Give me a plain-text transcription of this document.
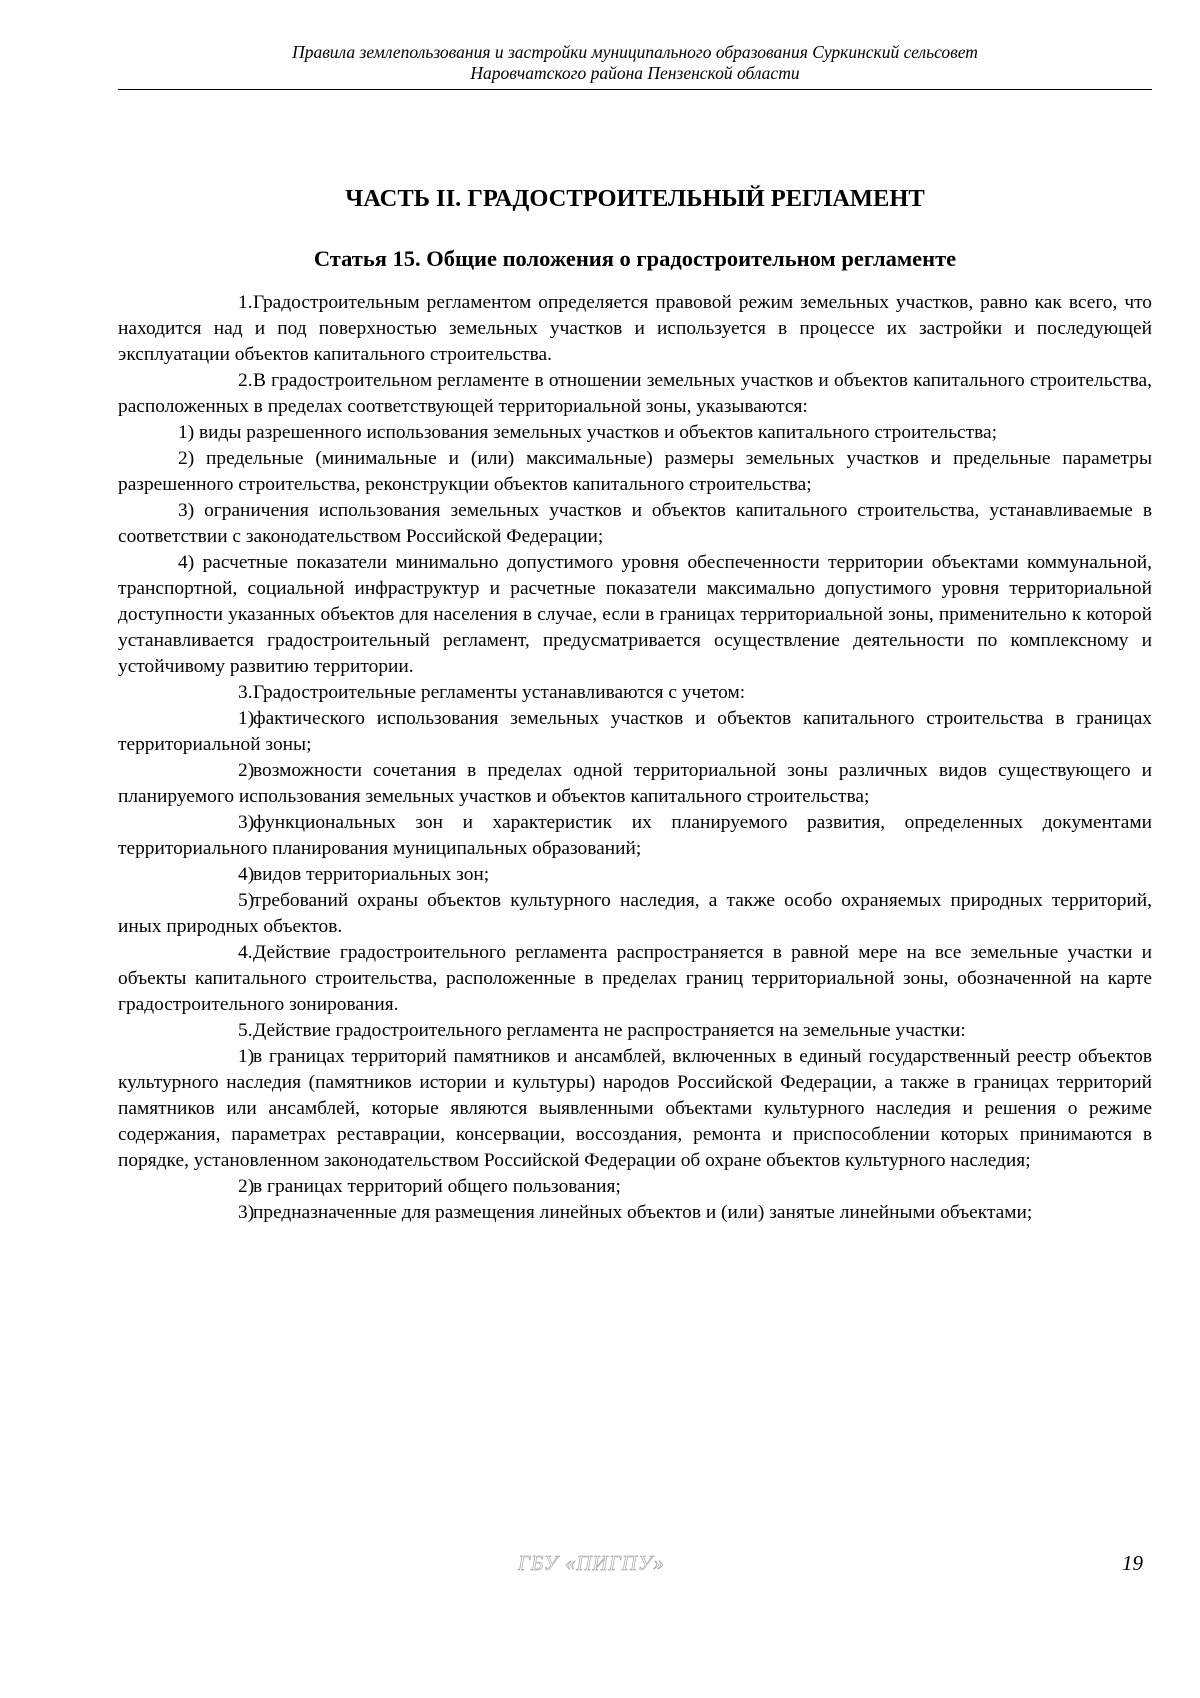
Правила землепользования и застройки муниципального образования Суркинский сельсовет
Наровчатского района Пензенской области
ЧАСТЬ II. ГРАДОСТРОИТЕЛЬНЫЙ РЕГЛАМЕНТ
Статья 15. Общие положения о градостроительном регламенте

1.Градостроительным регламентом определяется правовой режим земельных участков, равно как всего, что находится над и под поверхностью земельных участков и используется в процессе их застройки и последующей эксплуатации объектов капитального строительства.

2.В градостроительном регламенте в отношении земельных участков и объектов капитального строительства, расположенных в пределах соответствующей территориальной зоны, указываются:

1) виды разрешенного использования земельных участков и объектов капитального строительства;

2) предельные (минимальные и (или) максимальные) размеры земельных участков и предельные параметры разрешенного строительства, реконструкции объектов капитального строительства;

3) ограничения использования земельных участков и объектов капитального строительства, устанавливаемые в соответствии с законодательством Российской Федерации;

4) расчетные показатели минимально допустимого уровня обеспеченности территории объектами коммунальной, транспортной, социальной инфраструктур и расчетные показатели максимально допустимого уровня территориальной доступности указанных объектов для населения в случае, если в границах территориальной зоны, применительно к которой устанавливается градостроительный регламент, предусматривается осуществление деятельности по комплексному и устойчивому развитию территории.

3.Градостроительные регламенты устанавливаются с учетом:

1)фактического использования земельных участков и объектов капитального строительства в границах территориальной зоны;

2)возможности сочетания в пределах одной территориальной зоны различных видов существующего и планируемого использования земельных участков и объектов капитального строительства;

3)функциональных зон и характеристик их планируемого развития, определенных документами территориального планирования муниципальных образований;

4)видов территориальных зон;

5)требований охраны объектов культурного наследия, а также особо охраняемых природных территорий, иных природных объектов.

4.Действие градостроительного регламента распространяется в равной мере на все земельные участки и объекты капитального строительства, расположенные в пределах границ территориальной зоны, обозначенной на карте градостроительного зонирования.

5.Действие градостроительного регламента не распространяется на земельные участки:

1)в границах территорий памятников и ансамблей, включенных в единый государственный реестр объектов культурного наследия (памятников истории и культуры) народов Российской Федерации, а также в границах территорий памятников или ансамблей, которые являются выявленными объектами культурного наследия и решения о режиме содержания, параметрах реставрации, консервации, воссоздания, ремонта и приспособлении которых принимаются в порядке, установленном законодательством Российской Федерации об охране объектов культурного наследия;

2)в границах территорий общего пользования;

3)предназначенные для размещения линейных объектов и (или) занятые линейными объектами;

ГБУ «ПИГПУ»	19
